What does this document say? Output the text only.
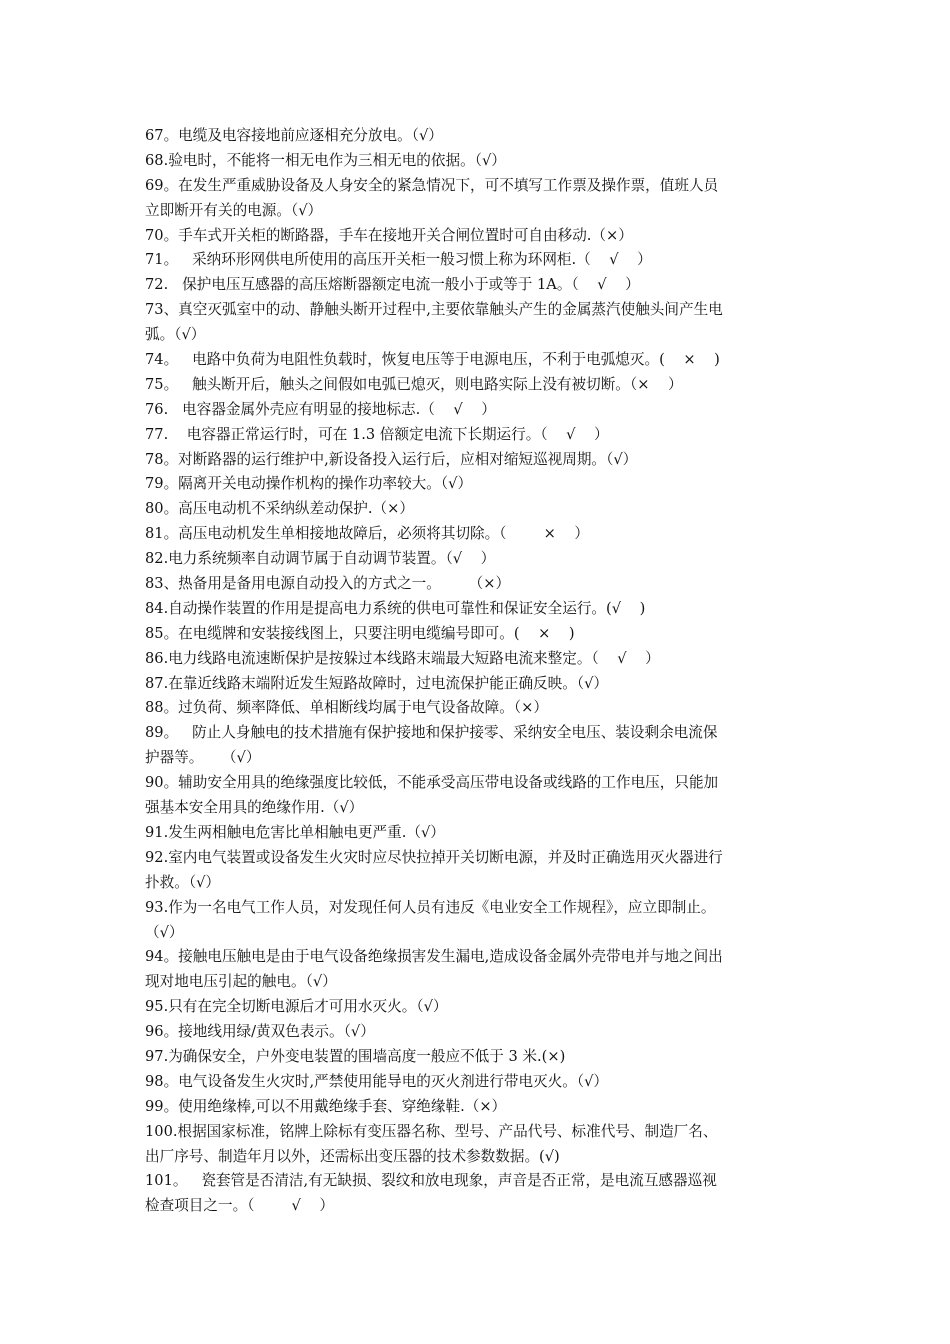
67。电缆及电容接地前应逐相充分放电。（√）
68.验电时，不能将一相无电作为三相无电的依据。（√）
69。在发生严重威胁设备及人身安全的紧急情况下，可不填写工作票及操作票，值班人员
立即断开有关的电源。（√）
70。手车式开关柜的断路器，手车在接地开关合闸位置时可自由移动.（×）
71。   采纳环形网供电所使用的高压开关柜一般习惯上称为环网柜.（    √    ）
72.   保护电压互感器的高压熔断器额定电流一般小于或等于 1A。（    √    ）
73、真空灭弧室中的动、静触头断开过程中,主要依靠触头产生的金属蒸汽使触头间产生电
弧。（√）
74。   电路中负荷为电阻性负载时，恢复电压等于电源电压，不利于电弧熄灭。(    ×    )
75。   触头断开后，触头之间假如电弧已熄灭，则电路实际上没有被切断。（×    ）
76.   电容器金属外壳应有明显的接地标志.（    √    ）
77.    电容器正常运行时，可在 1.3 倍额定电流下长期运行。（    √    ）
78。对断路器的运行维护中,新设备投入运行后，应相对缩短巡视周期。（√）
79。隔离开关电动操作机构的操作功率较大。（√）
80。高压电动机不采纳纵差动保护.（×）
81。高压电动机发生单相接地故障后，必须将其切除。（        ×    ）
82.电力系统频率自动调节属于自动调节装置。（√    ）
83、热备用是备用电源自动投入的方式之一。      （×）
84.自动操作装置的作用是提高电力系统的供电可靠性和保证安全运行。(√    )
85。在电缆牌和安装接线图上，只要注明电缆编号即可。(    ×    )
86.电力线路电流速断保护是按躲过本线路末端最大短路电流来整定。（    √    ）
87.在靠近线路末端附近发生短路故障时，过电流保护能正确反映。（√）
88。过负荷、频率降低、单相断线均属于电气设备故障。（×）
89。   防止人身触电的技术措施有保护接地和保护接零、采纳安全电压、装设剩余电流保
护器等。    （√）
90。辅助安全用具的绝缘强度比较低，不能承受高压带电设备或线路的工作电压，只能加
强基本安全用具的绝缘作用.（√）
91.发生两相触电危害比单相触电更严重.（√）
92.室内电气装置或设备发生火灾时应尽快拉掉开关切断电源，并及时正确选用灭火器进行
扑救。（√）
93.作为一名电气工作人员，对发现任何人员有违反《电业安全工作规程》，应立即制止。
（√）
94。接触电压触电是由于电气设备绝缘损害发生漏电,造成设备金属外壳带电并与地之间出
现对地电压引起的触电。（√）
95.只有在完全切断电源后才可用水灭火。（√）
96。接地线用绿/黄双色表示。（√）
97.为确保安全，户外变电装置的围墙高度一般应不低于 3 米.(×)
98。电气设备发生火灾时,严禁使用能导电的灭火剂进行带电灭火。（√）
99。使用绝缘棒,可以不用戴绝缘手套、穿绝缘鞋.（×）
100.根据国家标准，铭牌上除标有变压器名称、型号、产品代号、标准代号、制造厂名、
出厂序号、制造年月以外，还需标出变压器的技术参数数据。(√)
101。   瓷套管是否清洁,有无缺损、裂纹和放电现象，声音是否正常，是电流互感器巡视
检查项目之一。（        √    ）
